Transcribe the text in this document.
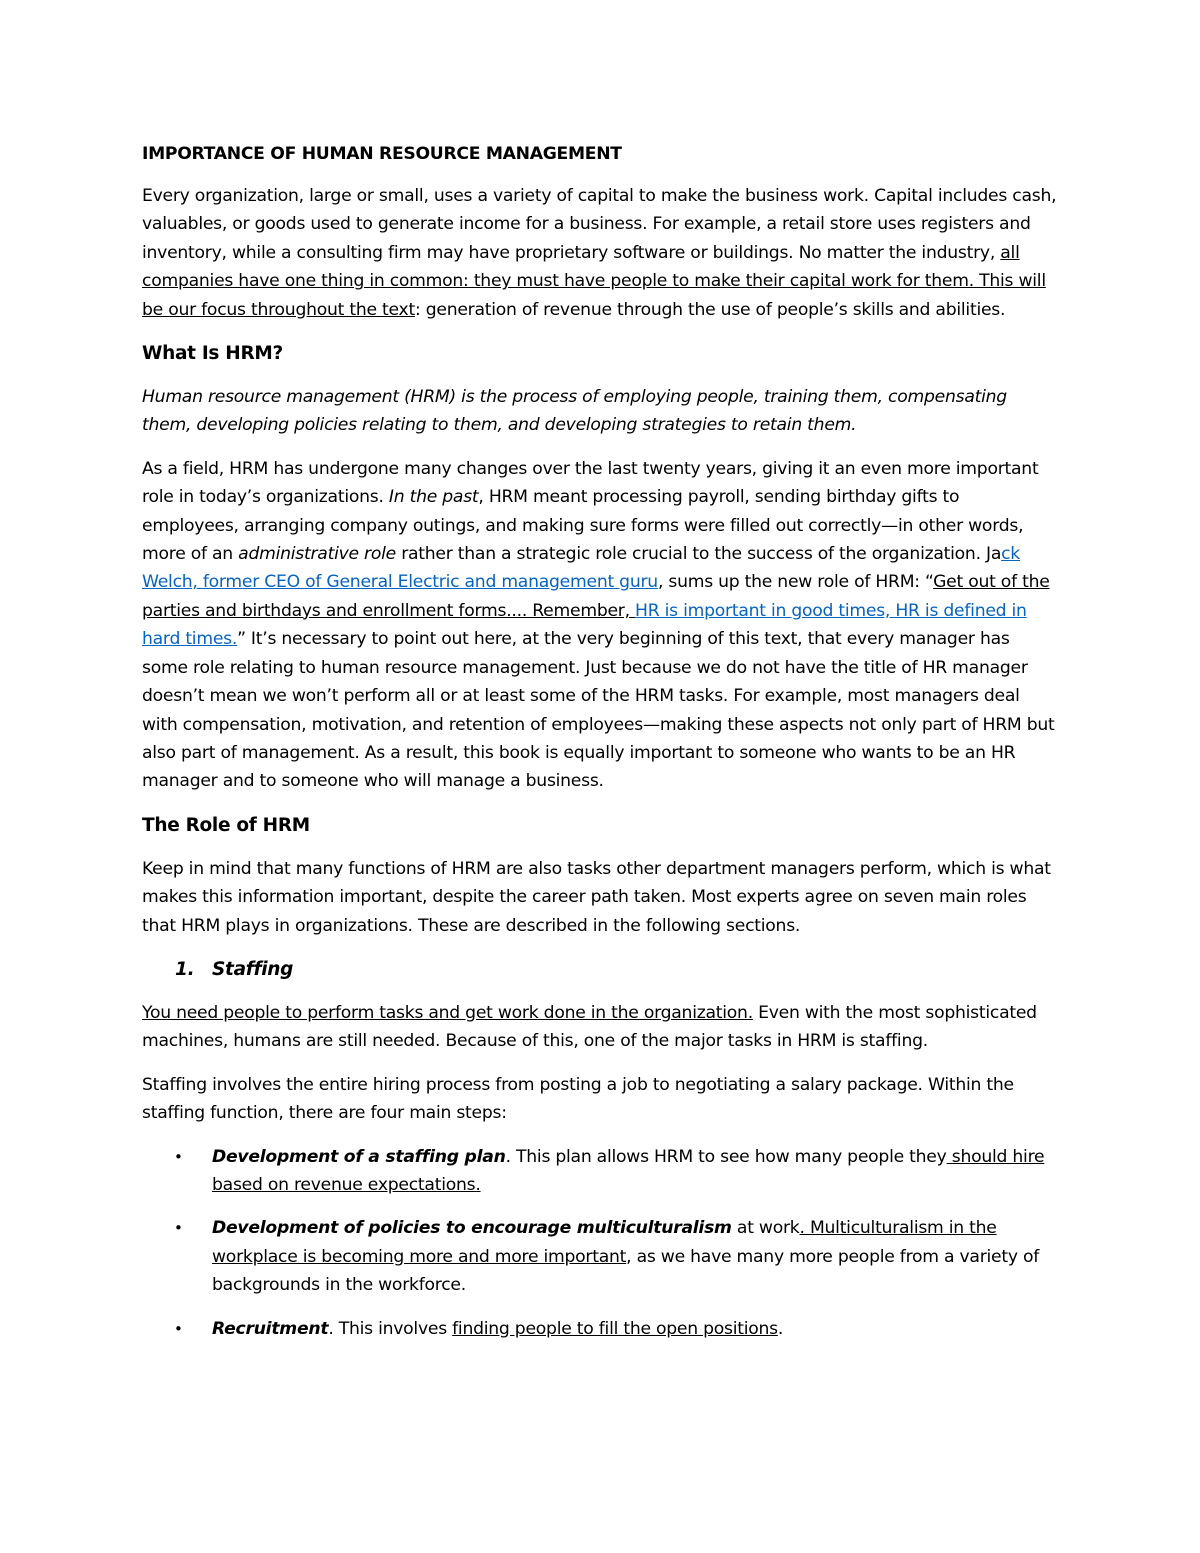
IMPORTANCE OF HUMAN RESOURCE MANAGEMENT

Every organization, large or small, uses a variety of capital to make the business work. Capital includes cash, valuables, or goods used to generate income for a business. For example, a retail store uses registers and inventory, while a consulting firm may have proprietary software or buildings. No matter the industry, all companies have one thing in common: they must have people to make their capital work for them. This will be our focus throughout the text: generation of revenue through the use of people’s skills and abilities.

What Is HRM?

Human resource management (HRM) is the process of employing people, training them, compensating them, developing policies relating to them, and developing strategies to retain them.

As a field, HRM has undergone many changes over the last twenty years, giving it an even more important role in today’s organizations. In the past, HRM meant processing payroll, sending birthday gifts to employees, arranging company outings, and making sure forms were filled out correctly—in other words, more of an administrative role rather than a strategic role crucial to the success of the organization. Jack Welch, former CEO of General Electric and management guru, sums up the new role of HRM: “Get out of the parties and birthdays and enrollment forms.... Remember, HR is important in good times, HR is defined in hard times.” It’s necessary to point out here, at the very beginning of this text, that every manager has some role relating to human resource management. Just because we do not have the title of HR manager doesn’t mean we won’t perform all or at least some of the HRM tasks. For example, most managers deal with compensation, motivation, and retention of employees—making these aspects not only part of HRM but also part of management. As a result, this book is equally important to someone who wants to be an HR manager and to someone who will manage a business.

The Role of HRM

Keep in mind that many functions of HRM are also tasks other department managers perform, which is what makes this information important, despite the career path taken. Most experts agree on seven main roles that HRM plays in organizations. These are described in the following sections.

1. Staffing

You need people to perform tasks and get work done in the organization. Even with the most sophisticated machines, humans are still needed. Because of this, one of the major tasks in HRM is staffing.

Staffing involves the entire hiring process from posting a job to negotiating a salary package. Within the staffing function, there are four main steps:

• Development of a staffing plan. This plan allows HRM to see how many people they should hire based on revenue expectations.
• Development of policies to encourage multiculturalism at work. Multiculturalism in the workplace is becoming more and more important, as we have many more people from a variety of backgrounds in the workforce.
• Recruitment. This involves finding people to fill the open positions.
